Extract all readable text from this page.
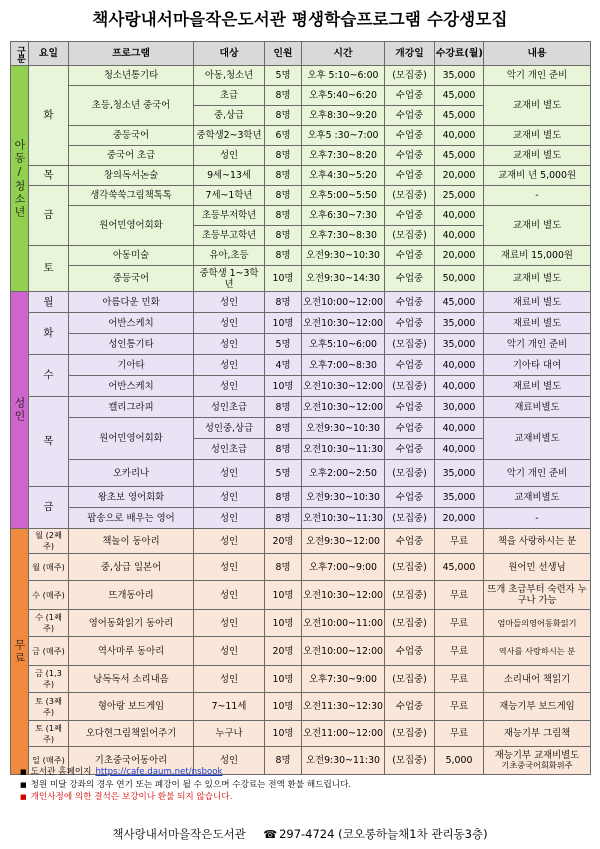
책사랑내서마을작은도서관 평생학습프로그램 수강생모집
구분	요일	프로그램	대상	인원	시간	개강일	수강료(월)	내용
아동/청소년	화	청소년통기타	아동,청소년	5명	오후 5:10~6:00	(모집중)	35,000	악기 개인 준비
		초등,청소년 중국어	초급	8명	오후5:40~6:20	수업중	45,000	교재비 별도
			중,상급	8명	오후8:30~9:20	수업중	45,000	
		중등국어	중학생2~3학년	6명	오후5 :30~7:00	수업중	40,000	교재비 별도
		중국어 초급	성인	8명	오후7:30~8:20	수업중	45,000	교재비 별도
	목	창의독서논술	9세~13세	8명	오후4:30~5:20	수업중	20,000	교재비 년 5,000원
	금	생각쑥쑥그림책톡톡	7세~1학년	8명	오후5:00~5:50	(모집중)	25,000	-
		원어민영어회화	초등부저학년	8명	오후6:30~7:30	수업중	40,000	교재비 별도
			초등부고학년	8명	오후7:30~8:30	(모집중)	40,000	
	토	아동미술	유아,초등	8명	오전9:30~10:30	수업중	20,000	재료비 15,000원
		중등국어	중학생 1~3학년	10명	오전9:30~14:30	수업중	50,000	교재비 별도
성인	월	아름다운 민화	성인	8명	오전10:00~12:00	수업중	45,000	재료비 별도
	화	어반스케치	성인	10명	오전10:30~12:00	수업중	35,000	재료비 별도
		성인통기타	성인	5명	오후5:10~6:00	(모집중)	35,000	악기 개인 준비
	수	기아타	성인	4명	오후7:00~8:30	수업중	40,000	기아타 대여
		어반스케치	성인	10명	오전10:30~12:00	(모집중)	40,000	재료비 별도
	목	캘리그라피	성인초급	8명	오전10:30~12:00	수업중	30,000	재료비별도
		원어민영어회화	성인중,상급	8명	오전9:30~10:30	수업중	40,000	교재비별도
			성인초급	8명	오전10:30~11:30	수업중	40,000	
		오카리나	성인	5명	오후2:00~2:50	(모집중)	35,000	악기 개인 준비
	금	왕초보 영어회화	성인	8명	오전9:30~10:30	수업중	35,000	교재비별도
		팝송으로 배우는 영어	성인	8명	오전10:30~11:30	(모집중)	20,000	-
무료	월 (2째주)	책놀이 동아리	성인	20명	오전9:30~12:00	수업중	무료	책을 사랑하시는 분
	월 (매주)	중,상급 일본어	성인	8명	오후7:00~9:00	(모집중)	45,000	원어민 선생님
	수 (매주)	뜨개동아리	성인	10명	오전10:30~12:00	(모집중)	무료	뜨개 초급부터 숙련자 누구나 가능
	수 (1째주)	영어동화읽기 동아리	성인	10명	오전10:00~11:00	(모집중)	무료	엄마들의영어동화읽기
	금 (매주)	역사마루 동아리	성인	20명	오전10:00~12:00	수업중	무료	역사를 사랑하시는 분
	금 (1,3주)	낭독독서 소리내음	성인	10명	오후7:30~9:00	(모집중)	무료	소리내어 책읽기
	토 (3째주)	형아랑 보드게임	7~11세	10명	오전11:30~12:30	수업중	무료	재능기부 보드게임
	토 (1째주)	오다현그림책읽어주기	누구나	10명	오전11:00~12:00	(모집중)	무료	재능기부 그림책
	일 (매주)	기초중국어동아리	성인	8명	오전9:30~11:30	(모집중)	5,000	재능기부 교재비별도
기초중국어회화위주
■ 도서관 홈페이지 https://cafe.daum.net/nsbook
■ 청원 미달 강좌의 경우 연기 또는 폐강이 될 수 있으며 수강료는 전액 환불 해드립니다.
■ 개인사정에 의한 결석은 보강이나 환불 되지 않습니다.
책사랑내서마을작은도서관 ☎ 297-4724 (코오롱하늘채1차 관리동3층)
